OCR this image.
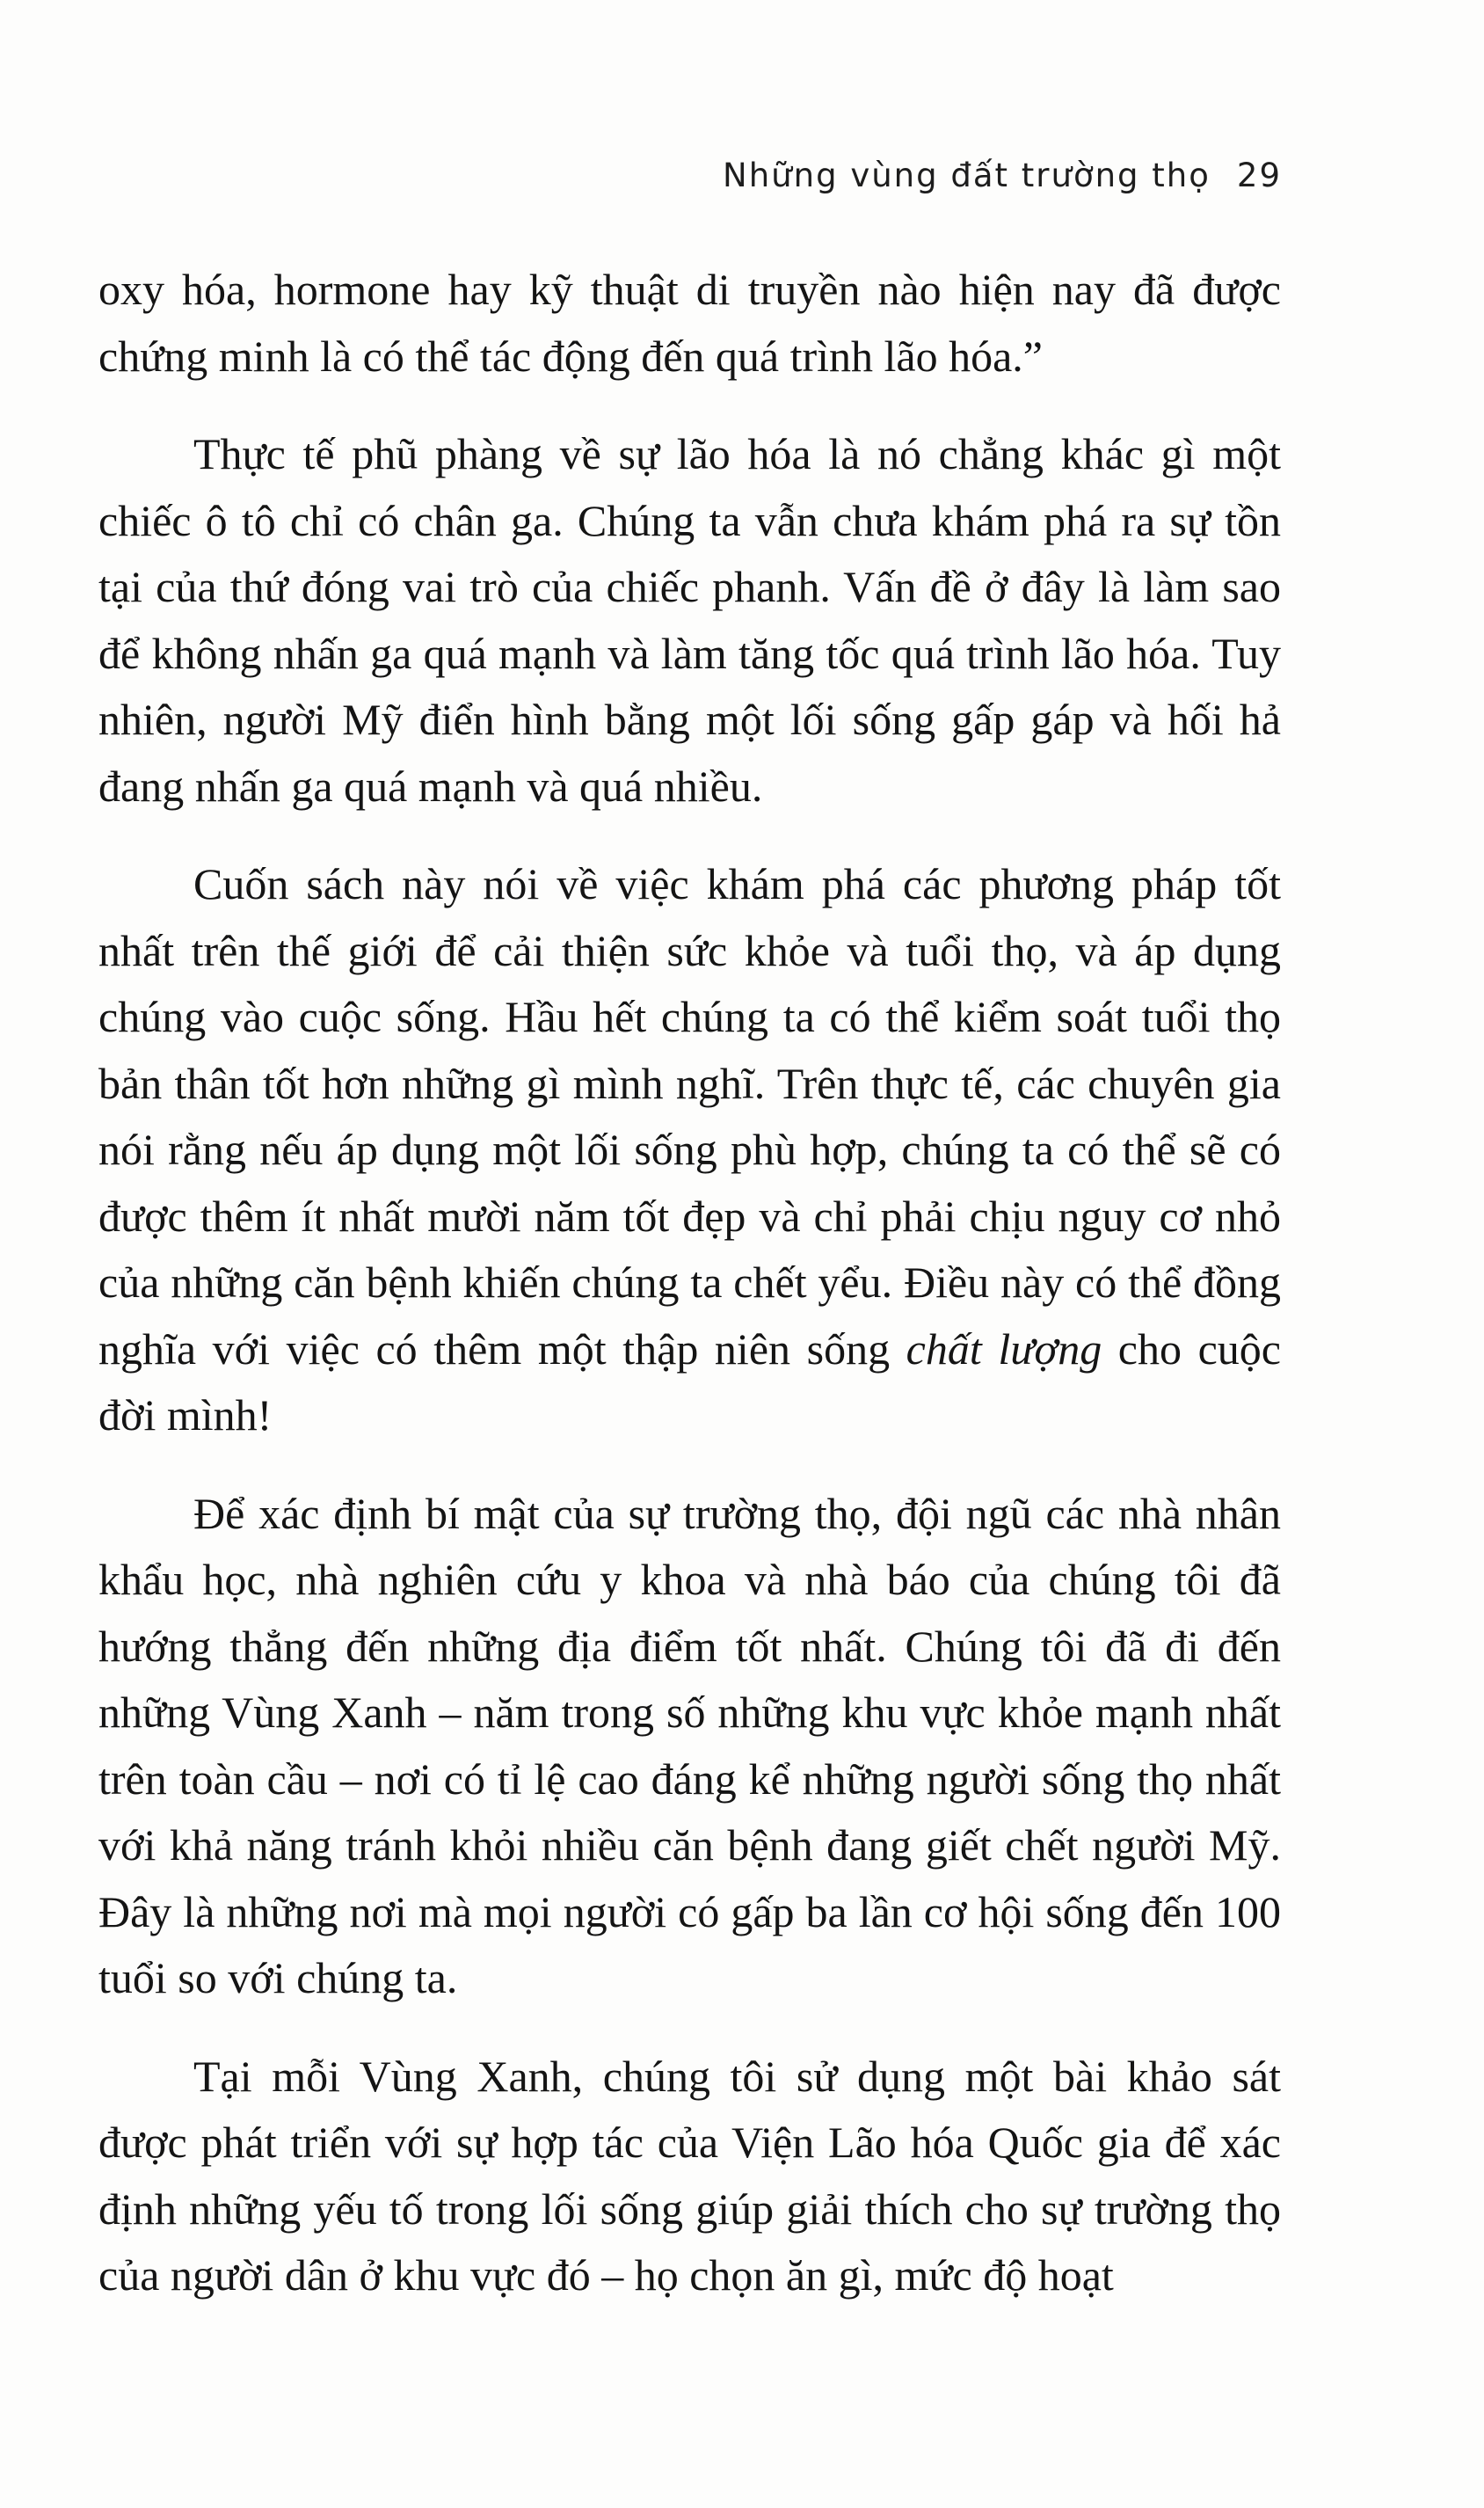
Những vùng đất trường thọ 29

oxy hóa, hormone hay kỹ thuật di truyền nào hiện nay đã được chứng minh là có thể tác động đến quá trình lão hóa.”

Thực tế phũ phàng về sự lão hóa là nó chẳng khác gì một chiếc ô tô chỉ có chân ga. Chúng ta vẫn chưa khám phá ra sự tồn tại của thứ đóng vai trò của chiếc phanh. Vấn đề ở đây là làm sao để không nhấn ga quá mạnh và làm tăng tốc quá trình lão hóa. Tuy nhiên, người Mỹ điển hình bằng một lối sống gấp gáp và hối hả đang nhấn ga quá mạnh và quá nhiều.

Cuốn sách này nói về việc khám phá các phương pháp tốt nhất trên thế giới để cải thiện sức khỏe và tuổi thọ, và áp dụng chúng vào cuộc sống. Hầu hết chúng ta có thể kiểm soát tuổi thọ bản thân tốt hơn những gì mình nghĩ. Trên thực tế, các chuyên gia nói rằng nếu áp dụng một lối sống phù hợp, chúng ta có thể sẽ có được thêm ít nhất mười năm tốt đẹp và chỉ phải chịu nguy cơ nhỏ của những căn bệnh khiến chúng ta chết yểu. Điều này có thể đồng nghĩa với việc có thêm một thập niên sống chất lượng cho cuộc đời mình!

Để xác định bí mật của sự trường thọ, đội ngũ các nhà nhân khẩu học, nhà nghiên cứu y khoa và nhà báo của chúng tôi đã hướng thẳng đến những địa điểm tốt nhất. Chúng tôi đã đi đến những Vùng Xanh – năm trong số những khu vực khỏe mạnh nhất trên toàn cầu – nơi có tỉ lệ cao đáng kể những người sống thọ nhất với khả năng tránh khỏi nhiều căn bệnh đang giết chết người Mỹ. Đây là những nơi mà mọi người có gấp ba lần cơ hội sống đến 100 tuổi so với chúng ta.

Tại mỗi Vùng Xanh, chúng tôi sử dụng một bài khảo sát được phát triển với sự hợp tác của Viện Lão hóa Quốc gia để xác định những yếu tố trong lối sống giúp giải thích cho sự trường thọ của người dân ở khu vực đó – họ chọn ăn gì, mức độ hoạt
